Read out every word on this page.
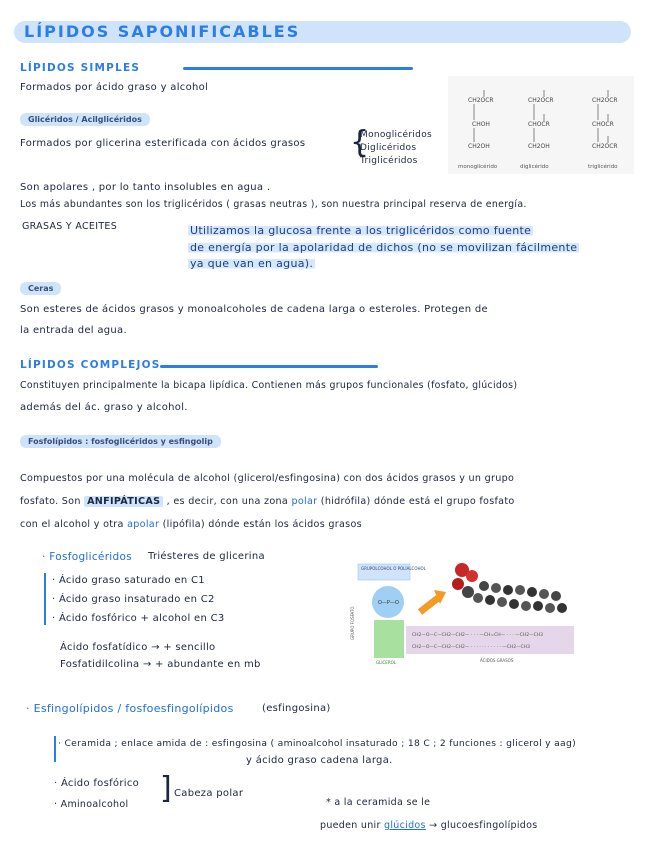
LÍPIDOS SAPONIFICABLES
LÍPIDOS SIMPLES
Formados por ácido graso y alcohol
Glicéridos / Acilglicéridos
Formados por glicerina esterificada con ácidos grasos {
Monoglicéridos
Diglicéridos
Triglicéridos
CH2OCR
CHOH
CH2OH
CH2OCR
CHOCR
CH2OH
CH2OCR
CHOCR
CH2OCR
monoglicérido	diglicérido	triglicérido
Son apolares , por lo tanto insolubles en agua .
Los más abundantes son los triglicéridos ( grasas neutras ), son nuestra principal reserva de energía.
GRASAS Y ACEITES	Utilizamos la glucosa frente a los triglicéridos como fuente
de energía por la apolaridad de dichos (no se movilizan fácilmente
ya que van en agua).
Ceras
Son esteres de ácidos grasos y monoalcoholes de cadena larga o esteroles. Protegen de
la entrada del agua.
LÍPIDOS COMPLEJOS
Constituyen principalmente la bicapa lipídica. Contienen más grupos funcionales (fosfato, glúcidos)
además del ác. graso y alcohol.
Fosfolípidos : fosfoglicéridos y esfingolip
Compuestos por una molécula de alcohol (glicerol/esfingosina) con dos ácidos grasos y un grupo
fosfato. Son ANFIPÁTICAS , es decir, con una zona polar (hidrófila) dónde está el grupo fosfato
con el alcohol y otra apolar (lipófila) dónde están los ácidos grasos
· Fosfoglicéridos Triésteres de glicerina
· Ácido graso saturado en C1
· Ácido graso insaturado en C2
· Ácido fosfórico + alcohol en C3
Ácido fosfatídico → + sencillo
Fosfatidilcolina → + abundante en mb
GRUPOLCOHOL O POLIALCOHOL
O—P—O
GRUPO FOSFATO
GLICEROL
CH2—O—C—CH2—CH2— · · · —CH=CH— · · · —CH2—CH3
CH2—O—C—CH2—CH2— · · · · · · · · · · · —CH2—CH3
ÁCIDOS GRASOS
· Esfingolípidos / fosfoesfingolípidos	(esfingosina)
· Ceramida ; enlace amida de : esfingosina ( aminoalcohol insaturado ; 18 C ; 2 funciones : glicerol y aag)
y ácido graso cadena larga.
· Ácido fosfórico
· Aminoalcohol ] Cabeza polar
* a la ceramida se le
pueden unir glúcidos → glucoesfingolípidos
